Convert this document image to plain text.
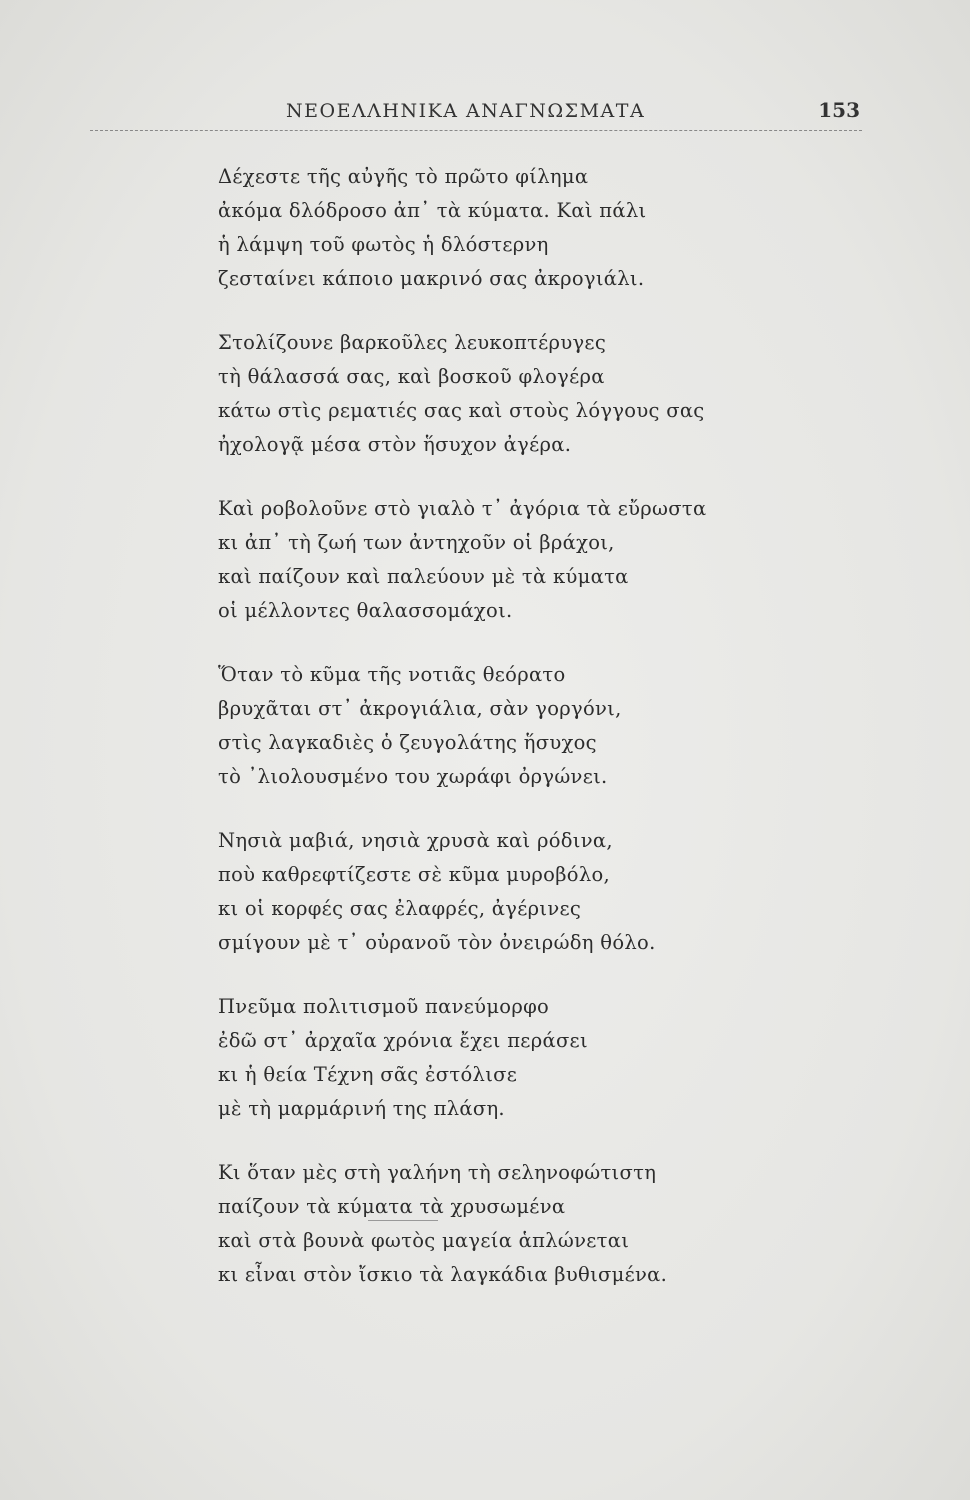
ΝΕΟΕΛΛΗΝΙΚΑ ΑΝΑΓΝΩΣΜΑΤΑ	153
Δέχεστε τῆς αὐγῆς τὸ πρῶτο φίλημα
ἀκόμα δλόδροσο ἀπ᾿ τὰ κύματα. Καὶ πάλι
ἡ λάμψη τοῦ φωτὸς ἡ δλόστερνη
ζεσταίνει κάποιο μακρινό σας ἀκρογιάλι.
Στολίζουνε βαρκοῦλες λευκοπτέρυγες
τὴ θάλασσά σας, καὶ βοσκοῦ φλογέρα
κάτω στὶς ρεματιές σας καὶ στοὺς λόγγους σας
ἠχολογᾷ μέσα στὸν ἥσυχον ἀγέρα.
Καὶ ροβολοῦνε στὸ γιαλὸ τ᾿ ἀγόρια τὰ εὔρωστα
κι ἀπ᾿ τὴ ζωή των ἀντηχοῦν οἱ βράχοι,
καὶ παίζουν καὶ παλεύουν μὲ τὰ κύματα
οἱ μέλλοντες θαλασσομάχοι.
Ὅταν τὸ κῦμα τῆς νοτιᾶς θεόρατο
βρυχᾶται στ᾿ ἀκρογιάλια, σὰν γοργόνι,
στὶς λαγκαδιὲς ὁ ζευγολάτης ἥσυχος
τὸ ᾿λιολουσμένο του χωράφι ὀργώνει.
Νησιὰ μαβιά, νησιὰ χρυσὰ καὶ ρόδινα,
ποὺ καθρεφτίζεστε σὲ κῦμα μυροβόλο,
κι οἱ κορφές σας ἐλαφρές, ἀγέρινες
σμίγουν μὲ τ᾿ οὐρανοῦ τὸν ὀνειρώδη θόλο.
Πνεῦμα πολιτισμοῦ πανεύμορφο
ἐδῶ στ᾿ ἀρχαῖα χρόνια ἔχει περάσει
κι ἡ θεία Τέχνη σᾶς ἐστόλισε
μὲ τὴ μαρμάρινή της πλάση.
Κι ὅταν μὲς στὴ γαλήνη τὴ σεληνοφώτιστη
παίζουν τὰ κύματα τὰ χρυσωμένα
καὶ στὰ βουνὰ φωτὸς μαγεία ἁπλώνεται
κι εἶναι στὸν ἴσκιο τὰ λαγκάδια βυθισμένα.
